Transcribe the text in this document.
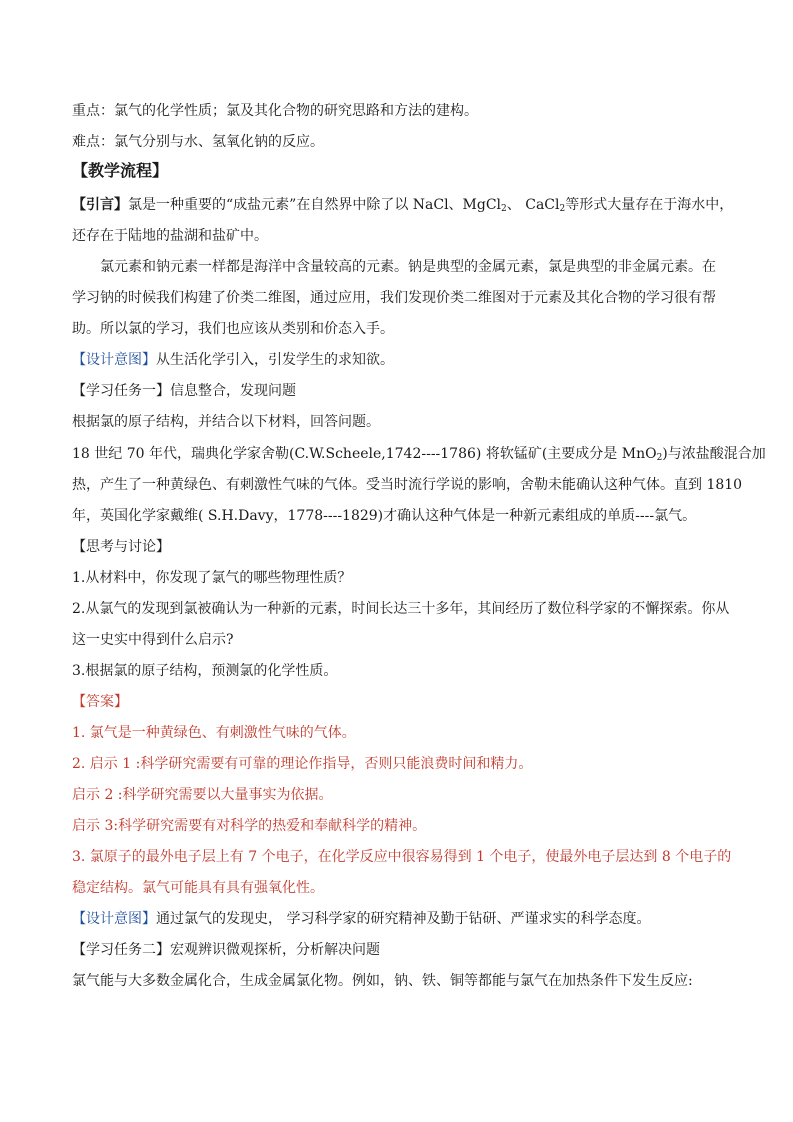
重点：氯气的化学性质；氯及其化合物的研究思路和方法的建构。
难点：氯气分别与水、氢氧化钠的反应。
【教学流程】
【引言】氯是一种重要的“成盐元素”在自然界中除了以 NaCl、MgCl$_2$、 CaCl$_2$等形式大量存在于海水中，
还存在于陆地的盐湖和盐矿中。
氯元素和钠元素一样都是海洋中含量较高的元素。钠是典型的金属元素，氯是典型的非金属元素。在
学习钠的时候我们构建了价类二维图，通过应用，我们发现价类二维图对于元素及其化合物的学习很有帮
助。所以氯的学习，我们也应该从类别和价态入手。
【设计意图】从生活化学引入，引发学生的求知欲。
【学习任务一】信息整合，发现问题
根据氯的原子结构，并结合以下材料，回答问题。
18 世纪 70 年代，瑞典化学家舍勒(C.W.Scheele,1742----1786) 将软锰矿(主要成分是 MnO$_2$)与浓盐酸混合加
热，产生了一种黄绿色、有刺激性气味的气体。受当时流行学说的影响，舍勒未能确认这种气体。直到 1810
年，英国化学家戴维( S.H.Davy，1778----1829)才确认这种气体是一种新元素组成的单质----氯气。
【思考与讨论】
1.从材料中，你发现了氯气的哪些物理性质？
2.从氯气的发现到氯被确认为一种新的元素，时间长达三十多年，其间经历了数位科学家的不懈探索。你从
这一史实中得到什么启示?
3.根据氯的原子结构，预测氯的化学性质。
【答案】
1. 氯气是一种黄绿色、有刺激性气味的气体。
2. 启示 1 :科学研究需要有可靠的理论作指导，否则只能浪费时间和精力。
启示 2 :科学研究需要以大量事实为依据。
启示 3:科学研究需要有对科学的热爱和奉献科学的精神。
3. 氯原子的最外电子层上有 7 个电子，在化学反应中很容易得到 1 个电子，使最外电子层达到 8 个电子的
稳定结构。氯气可能具有具有强氧化性。
【设计意图】通过氯气的发现史， 学习科学家的研究精神及勤于钻研、严谨求实的科学态度。
【学习任务二】宏观辨识微观探析，分析解决问题
氯气能与大多数金属化合，生成金属氯化物。例如，钠、铁、铜等都能与氯气在加热条件下发生反应:
